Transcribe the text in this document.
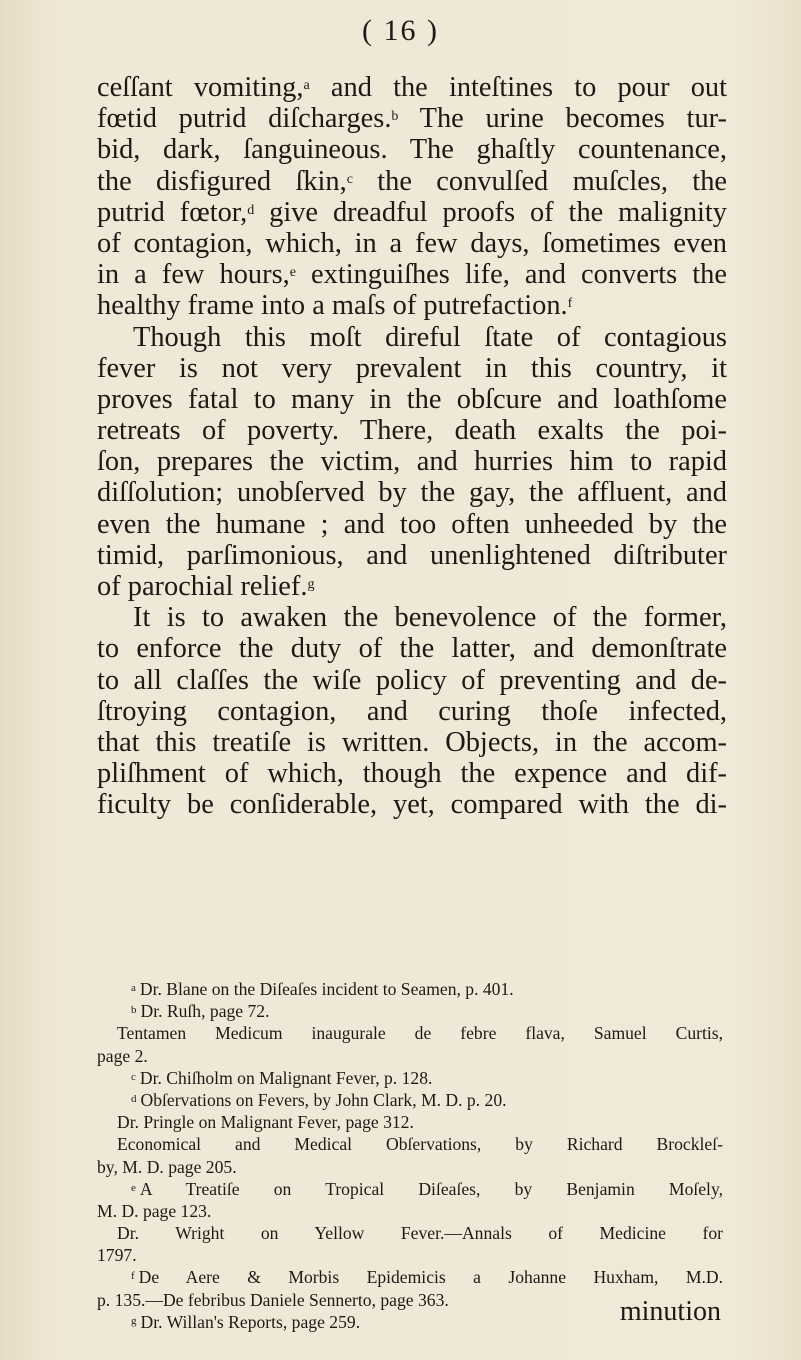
( 16 )
ceſſant vomiting,$^a$ and the inteſtines to pour out
fœtid putrid diſcharges.$^b$ The urine becomes tur-
bid, dark, ſanguineous. The ghaſtly countenance,
the disfigured ſkin,$^c$ the convulſed muſcles, the
putrid fœtor,$^d$ give dreadful proofs of the malignity
of contagion, which, in a few days, ſometimes even
in a few hours,$^e$ extinguiſhes life, and converts the
healthy frame into a maſs of putrefaction.$^f$
Though this moſt direful ſtate of contagious
fever is not very prevalent in this country, it
proves fatal to many in the obſcure and loathſome
retreats of poverty. There, death exalts the poi-
ſon, prepares the victim, and hurries him to rapid
diſſolution; unobſerved by the gay, the affluent, and
even the humane ; and too often unheeded by the
timid, parſimonious, and unenlightened diſtributer
of parochial relief.$^g$
It is to awaken the benevolence of the former,
to enforce the duty of the latter, and demonſtrate
to all claſſes the wiſe policy of preventing and de-
ſtroying contagion, and curing thoſe infected,
that this treatiſe is written. Objects, in the accom-
pliſhment of which, though the expence and dif-
ficulty be conſiderable, yet, compared with the di-
$^a$ Dr. Blane on the Diſeaſes incident to Seamen, p. 401.
$^b$ Dr. Ruſh, page 72.
Tentamen Medicum inaugurale de febre flava, Samuel Curtis,
page 2.
$^c$ Dr. Chiſholm on Malignant Fever, p. 128.
$^d$ Obſervations on Fevers, by John Clark, M. D. p. 20.
Dr. Pringle on Malignant Fever, page 312.
Economical and Medical Obſervations, by Richard Brockleſ-
by, M. D. page 205.
$^e$ A Treatiſe on Tropical Diſeaſes, by Benjamin Moſely,
M. D. page 123.
Dr. Wright on Yellow Fever.—Annals of Medicine for
1797.
$^f$ De Aere & Morbis Epidemicis a Johanne Huxham, M.D.
p. 135.—De febribus Daniele Sennerto, page 363.
$^g$ Dr. Willan's Reports, page 259.	minution
